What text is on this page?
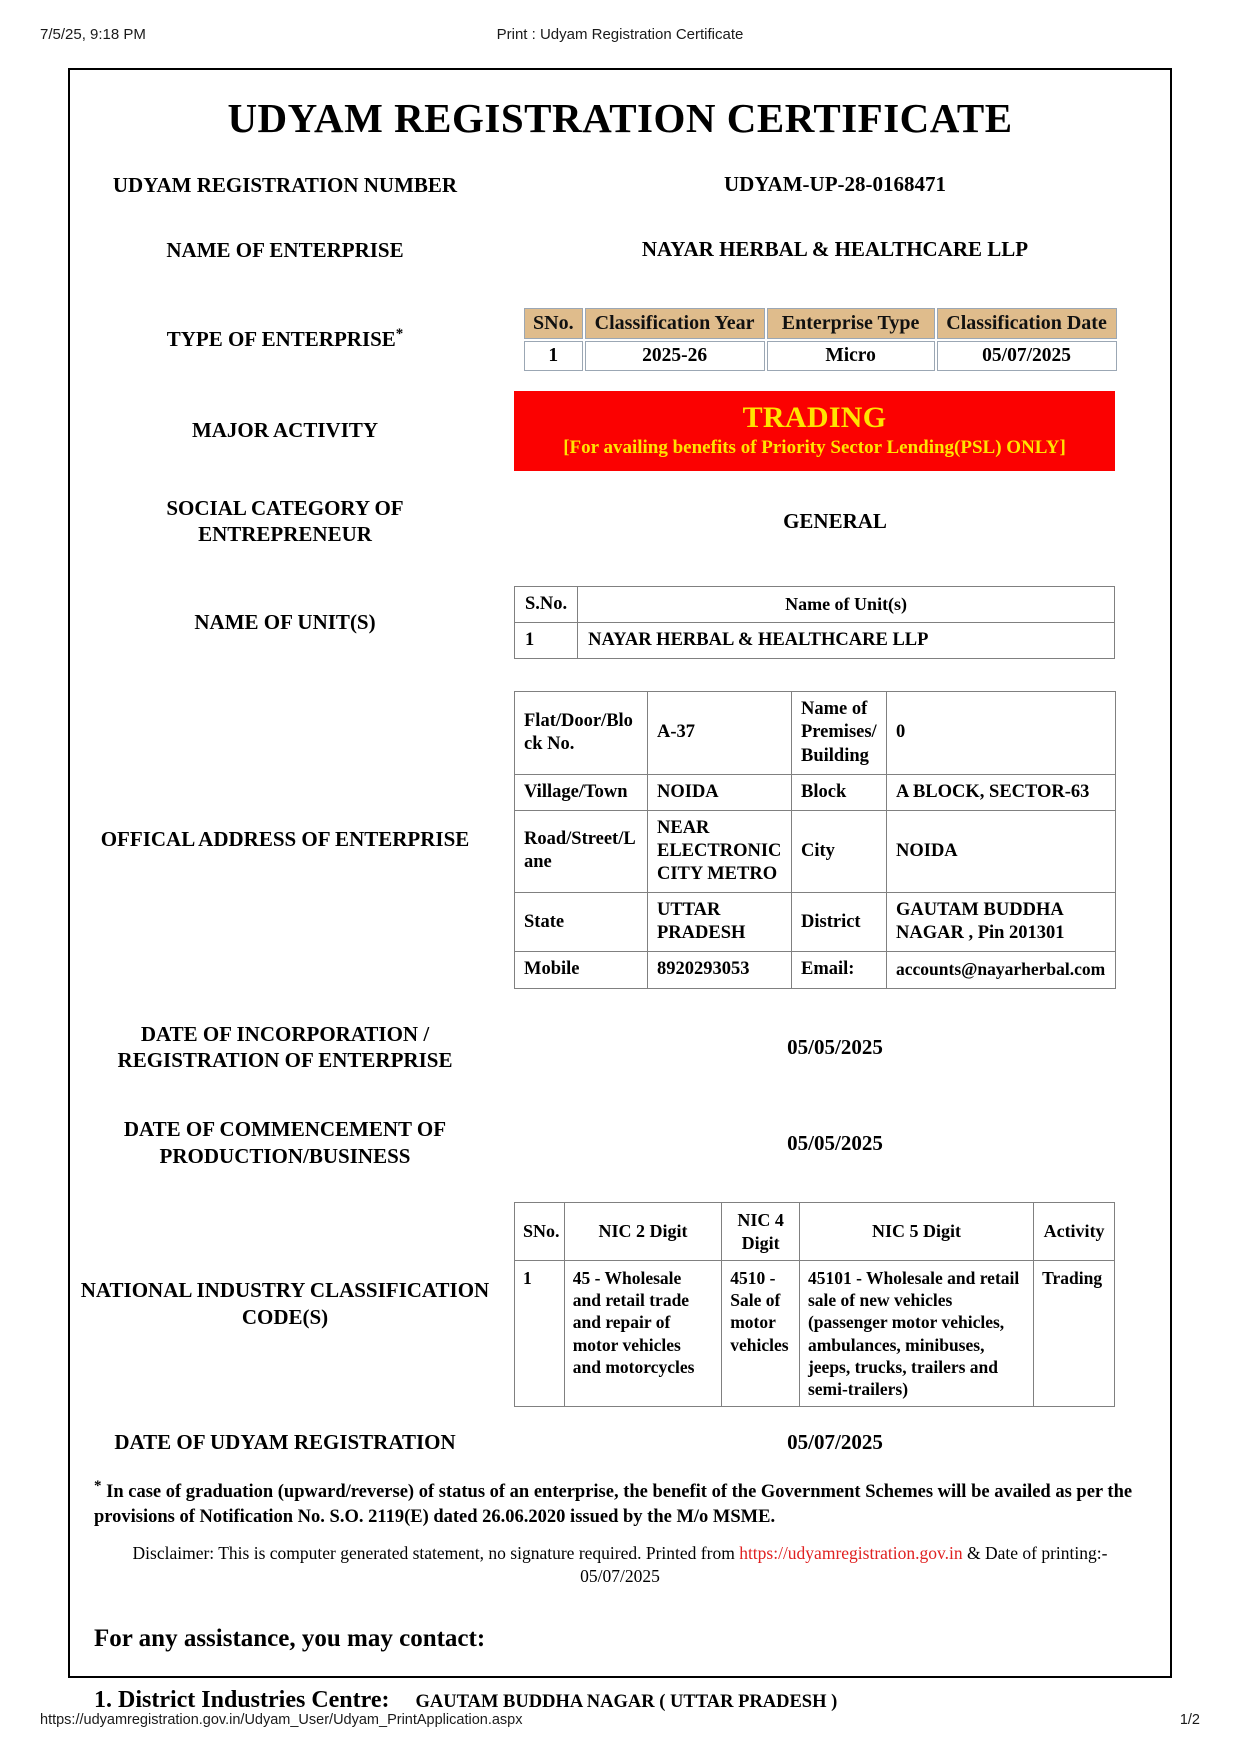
7/5/25, 9:18 PM	Print : Udyam Registration Certificate
UDYAM REGISTRATION CERTIFICATE
UDYAM REGISTRATION NUMBER	UDYAM-UP-28-0168471
NAME OF ENTERPRISE	NAYAR HERBAL & HEALTHCARE LLP
TYPE OF ENTERPRISE*
SNo.	Classification Year	Enterprise Type	Classification Date
1	2025-26	Micro	05/07/2025
MAJOR ACTIVITY	TRADING
[For availing benefits of Priority Sector Lending(PSL) ONLY]
SOCIAL CATEGORY OF ENTREPRENEUR
GENERAL
NAME OF UNIT(S)
S.No.	Name of Unit(s)
1	NAYAR HERBAL & HEALTHCARE LLP
OFFICAL ADDRESS OF ENTERPRISE
Flat/Door/Block No.	A-37	Name of Premises/ Building	0
Village/Town	NOIDA	Block	A BLOCK, SECTOR-63
Road/Street/Lane	NEAR ELECTRONIC CITY METRO	City	NOIDA
State	UTTAR PRADESH	District	GAUTAM BUDDHA NAGAR , Pin 201301
Mobile	8920293053	Email:	accounts@nayarherbal.com
DATE OF INCORPORATION / REGISTRATION OF ENTERPRISE
05/05/2025
DATE OF COMMENCEMENT OF PRODUCTION/BUSINESS
05/05/2025
NATIONAL INDUSTRY CLASSIFICATION CODE(S)
SNo.	NIC 2 Digit	NIC 4 Digit	NIC 5 Digit	Activity
1	45 - Wholesale and retail trade and repair of motor vehicles and motorcycles	4510 - Sale of motor vehicles	45101 - Wholesale and retail sale of new vehicles (passenger motor vehicles, ambulances, minibuses, jeeps, trucks, trailers and semi-trailers)	Trading
DATE OF UDYAM REGISTRATION	05/07/2025
* In case of graduation (upward/reverse) of status of an enterprise, the benefit of the Government Schemes will be availed as per the provisions of Notification No. S.O. 2119(E) dated 26.06.2020 issued by the M/o MSME.
Disclaimer: This is computer generated statement, no signature required. Printed from https://udyamregistration.gov.in & Date of printing:-
05/07/2025
For any assistance, you may contact:
1. District Industries Centre: GAUTAM BUDDHA NAGAR ( UTTAR PRADESH )
https://udyamregistration.gov.in/Udyam_User/Udyam_PrintApplication.aspx	1/2
